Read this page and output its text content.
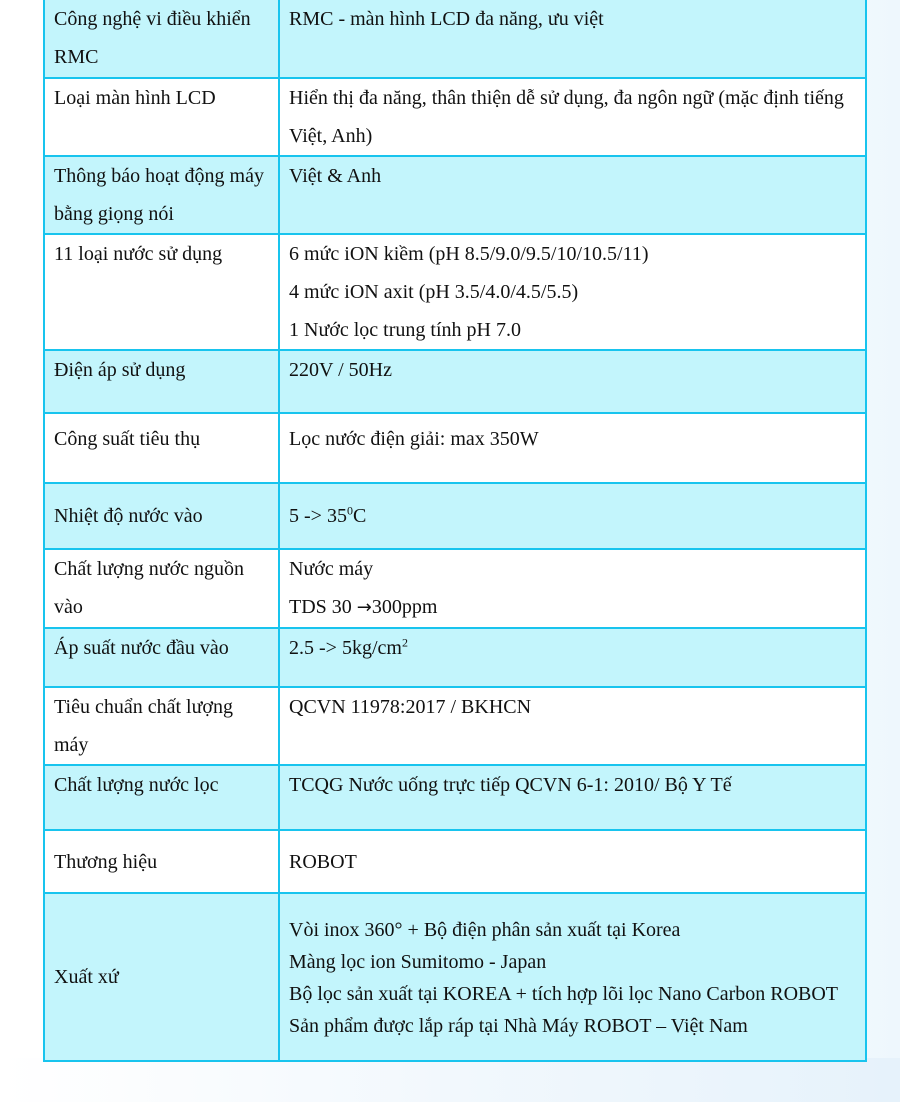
Công nghệ vi điều khiển RMC	RMC - màn hình LCD đa năng, ưu việt
Loại màn hình LCD	Hiển thị đa năng, thân thiện dễ sử dụng, đa ngôn ngữ (mặc định tiếng Việt, Anh)
Thông báo hoạt động máy bằng giọng nói	Việt & Anh
11 loại nước sử dụng	6 mức iON kiềm (pH 8.5/9.0/9.5/10/10.5/11)
4 mức iON axit (pH 3.5/4.0/4.5/5.5)
1 Nước lọc trung tính pH 7.0

Điện áp sử dụng	220V / 50Hz
Công suất tiêu thụ	Lọc nước điện giải: max 350W
Nhiệt độ nước vào	$5 -> 35^0C$
Chất lượng nước nguồn vào	Nước máy
TDS 30 →300ppm

Áp suất nước đầu vào	$2.5 -> 5kg/cm^2$
Tiêu chuẩn chất lượng máy	QCVN 11978:2017 / BKHCN
Chất lượng nước lọc	TCQG Nước uống trực tiếp QCVN 6-1: 2010/ Bộ Y Tế
Thương hiệu	ROBOT
Xuất xứ	Vòi inox 360° + Bộ điện phân sản xuất tại Korea
Màng lọc ion Sumitomo - Japan
Bộ lọc sản xuất tại KOREA + tích hợp lõi lọc Nano Carbon ROBOT
Sản phẩm được lắp ráp tại Nhà Máy ROBOT – Việt Nam
